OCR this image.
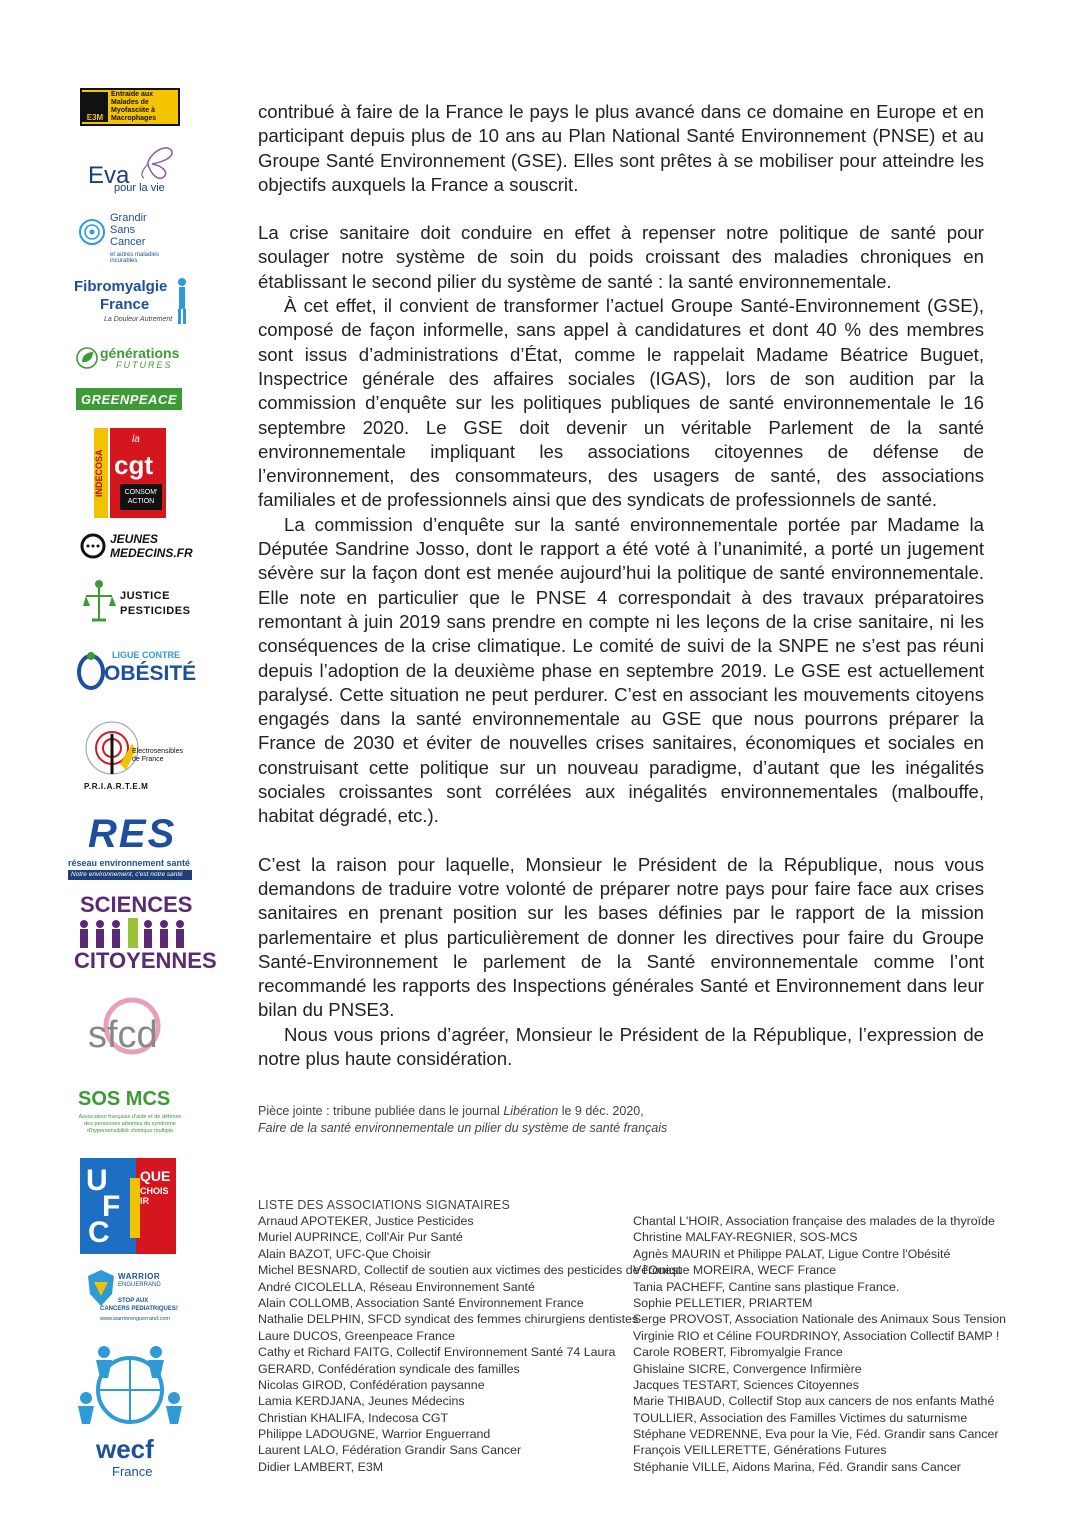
E3M
Entraide aux Malades de Myofasciite à Macrophages
Eva
pour la vie
Grandir
Sans
Cancer
et autres maladies incurables
Fibromyalgie
France
La Douleur Autrement
générations
FUTURES
GREENPEACE
INDECOSA
la
cgt
CONSOM' ACTION
JEUNES
MEDECINS.FR
JUSTICE
PESTICIDES
LIGUE CONTRE
OBÉSITÉ
Electrosensibles de France
P.R.I.A.R.T.E.M
RES
réseau environnement santé
Notre environnement, c'est notre santé
SCIENCES
CITOYENNES
sfcd
SOS MCS
Association française d'aide et de défense des personnes atteintes du syndrome d'hypersensibilité chimique multiple
U
F
C
QUE
CHOISIR
WARRIOR
ENGUERRAND
STOP AUX
CANCERS PEDIATRIQUES!
www.warriorenguerrand.com
wecf
France

contribué à faire de la France le pays le plus avancé dans ce domaine en Europe et en participant depuis plus de 10 ans au Plan National Santé Environnement (PNSE) et au Groupe Santé Environnement (GSE). Elles sont prêtes à se mobiliser pour atteindre les objectifs auxquels la France a souscrit.

La crise sanitaire doit conduire en effet à repenser notre politique de santé pour soulager notre système de soin du poids croissant des maladies chroniques en établissant le second pilier du système de santé : la santé environnementale.

À cet effet, il convient de transformer l’actuel Groupe Santé-Environnement (GSE), composé de façon informelle, sans appel à candidatures et dont 40 % des membres sont issus d’administrations d’État, comme le rappelait Madame Béatrice Buguet, Inspectrice générale des affaires sociales (IGAS), lors de son audition par la commission d’enquête sur les politiques publiques de santé environnementale le 16 septembre 2020. Le GSE doit devenir un véritable Parlement de la santé environnementale impliquant les associations citoyennes de défense de l’environnement, des consommateurs, des usagers de santé, des associations familiales et de professionnels ainsi que des syndicats de professionnels de santé.

La commission d’enquête sur la santé environnementale portée par Madame la Députée Sandrine Josso, dont le rapport a été voté à l’unanimité, a porté un jugement sévère sur la façon dont est menée aujourd’hui la politique de santé environnementale. Elle note en particulier que le PNSE 4 correspondait à des travaux préparatoires remontant à juin 2019 sans prendre en compte ni les leçons de la crise sanitaire, ni les conséquences de la crise climatique. Le comité de suivi de la SNPE ne s’est pas réuni depuis l’adoption de la deuxième phase en septembre 2019. Le GSE est actuellement paralysé. Cette situation ne peut perdurer. C’est en associant les mouvements citoyens engagés dans la santé environnementale au GSE que nous pourrons préparer la France de 2030 et éviter de nouvelles crises sanitaires, économiques et sociales en construisant cette politique sur un nouveau paradigme, d’autant que les inégalités sociales croissantes sont corrélées aux inégalités environnementales (malbouffe, habitat dégradé, etc.).

C’est la raison pour laquelle, Monsieur le Président de la République, nous vous demandons de traduire votre volonté de préparer notre pays pour faire face aux crises sanitaires en prenant position sur les bases définies par le rapport de la mission parlementaire et plus particulièrement de donner les directives pour faire du Groupe Santé-Environnement le parlement de la Santé environnementale comme l’ont recommandé les rapports des Inspections générales Santé et Environnement dans leur bilan du PNSE3.

Nous vous prions d’agréer, Monsieur le Président de la République, l’expression de notre plus haute considération.

Pièce jointe : tribune publiée dans le journal Libération le 9 déc. 2020,
Faire de la santé environnementale un pilier du système de santé français
LISTE DES ASSOCIATIONS SIGNATAIRES
Arnaud APOTEKER, Justice Pesticides
Muriel AUPRINCE, Coll'Air Pur Santé
Alain BAZOT, UFC-Que Choisir
Michel BESNARD, Collectif de soutien aux victimes des pesticides de l'Ouest
André CICOLELLA, Réseau Environnement Santé
Alain COLLOMB, Association Santé Environnement France
Nathalie DELPHIN, SFCD syndicat des femmes chirurgiens dentistes
Laure DUCOS, Greenpeace France
Cathy et Richard FAITG, Collectif Environnement Santé 74 Laura
GERARD, Confédération syndicale des familles
Nicolas GIROD, Confédération paysanne
Lamia KERDJANA, Jeunes Médecins
Christian KHALIFA, Indecosa CGT
Philippe LADOUGNE, Warrior Enguerrand
Laurent LALO, Fédération Grandir Sans Cancer
Didier LAMBERT, E3M
Chantal L'HOIR, Association française des malades de la thyroïde
Christine MALFAY-REGNIER, SOS-MCS
Agnès MAURIN et Philippe PALAT, Ligue Contre l'Obésité
Véronique MOREIRA, WECF France
Tania PACHEFF, Cantine sans plastique France.
Sophie PELLETIER, PRIARTEM
Serge PROVOST, Association Nationale des Animaux Sous Tension
Virginie RIO et Céline FOURDRINOY, Association Collectif BAMP !
Carole ROBERT, Fibromyalgie France
Ghislaine SICRE, Convergence Infirmière
Jacques TESTART, Sciences Citoyennes
Marie THIBAUD, Collectif Stop aux cancers de nos enfants Mathé
TOULLIER, Association des Familles Victimes du saturnisme
Stéphane VEDRENNE, Eva pour la Vie, Féd. Grandir sans Cancer
François VEILLERETTE, Générations Futures
Stéphanie VILLE, Aidons Marina, Féd. Grandir sans Cancer
